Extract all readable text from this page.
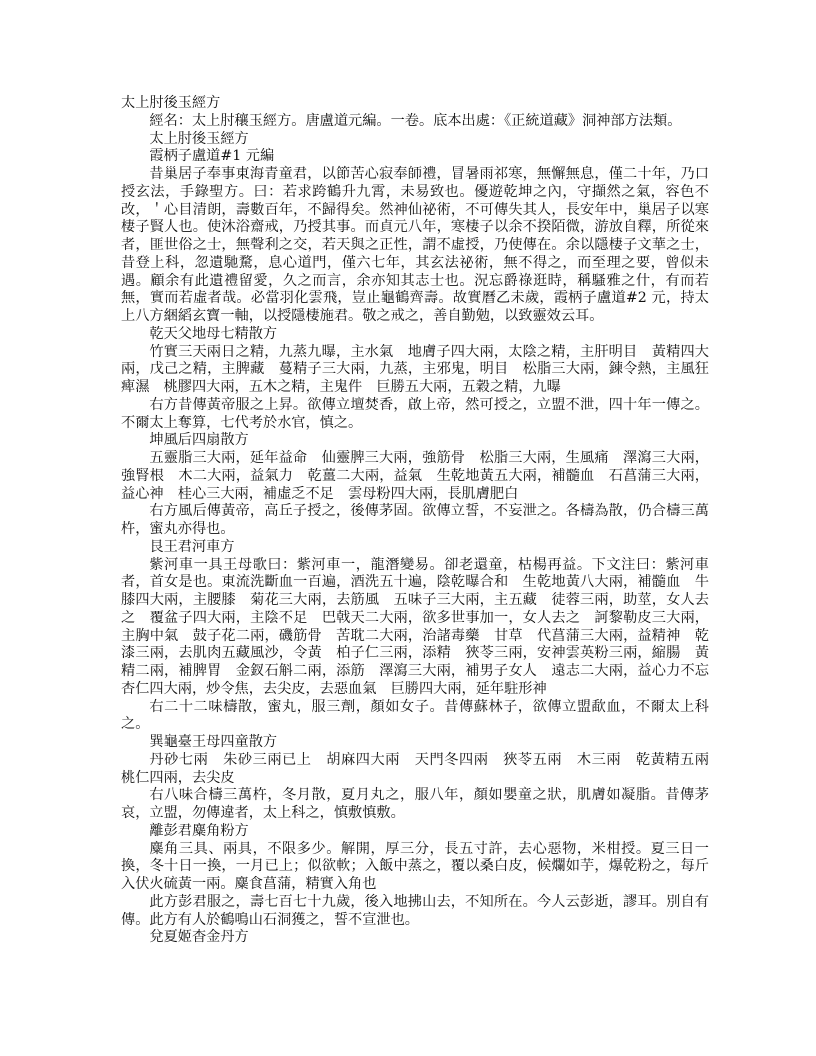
太上肘後玉經方

經名：太上肘穰玉經方。唐盧道元編。一卷。底本出處：《正統道藏》洞神部方法類。

太上肘後玉經方

霞柄子盧道#1 元編

昔巢居子奉事東海青童君，以節苦心寂奉師禮，冒暑雨祁寒，無懈無息，僅二十年，乃口授玄法，手錄聖方。曰：若求跨鶴升九霄，未易致也。優遊乾坤之內，守擷然之氣，容色不改，＇心目清朗，壽數百年，不歸得矣。然神仙祕術，不可傳失其人，長安年中，巢居子以寒棲子賢人也。使沐浴齋戒，乃授其事。而貞元八年，寒棲子以余不揆陌微，游放自釋，所從來者，匪世俗之士，無聲利之交，若天與之正性，謂不虛授，乃使傳在。余以隱棲子文華之士，昔登上科，忽遺馳騖，息心道門，僅六七年，其玄法祕術，無不得之，而至理之要，曾似未遇。顧余有此遺禮留愛，久之而言，余亦知其志士也。況忘爵祿逛時，稱騷雅之什，有而若無，實而若虛者哉。必當羽化雲飛，豈止龜鶴齊壽。故實曆乙未歲，霞柄子盧道#2 元，持太上八方綑縚玄寶一軸，以授隱棲施君。敬之戒之，善自勤勉，以致靈效云耳。

乾天父地母七精散方

竹實三天兩日之精，九蒸九曝，主水氣　地膚子四大兩，太陰之精，主肝明目　黃精四大兩，戊己之精，主脾藏　蔓精子三大兩，九蒸，主邪鬼，明目　松脂三大兩，鍊令熱，主風狂痺濕　桃膠四大兩，五木之精，主鬼件　巨勝五大兩，五穀之精，九曝

右方昔傳黃帝服之上昇。欲傳立壇焚香，啟上帝，然可授之，立盟不泄，四十年一傳之。不爾太上奪算，七代考於水官，慎之。

坤風后四扇散方

五靈脂三大兩，延年益命　仙靈脾三大兩，強筋骨　松脂三大兩，生風痛　澤瀉三大兩，強腎根　木二大兩，益氣力　乾薑二大兩，益氣　生乾地黃五大兩，補髓血　石菖蒲三大兩，益心神　桂心三大兩，補虛乏不足　雲母粉四大兩，長肌膚肥白

右方風后傳黃帝，高丘子授之，後傳茅固。欲傳立誓，不妄泄之。各檮為散，仍合檮三萬杵，蜜丸亦得也。

艮王君河車方

紫河車一具王母歌曰：紫河車一，龍潛變易。卻老還童，枯楊再益。下文注曰：紫河車者，首女是也。東流洗斷血一百遍，酒洗五十遍，陰乾曝合和　生乾地黃八大兩，補髓血　牛膝四大兩，主腰膝　菊花三大兩，去筋風　五味子三大兩，主五藏　徒蓉三兩，助莖，女人去之　覆盆子四大兩，主陰不足　巴戟天二大兩，欲多世事加一，女人去之　訶黎勒皮三大兩，主胸中氣　鼓子花二兩，磯筋骨　苦耽二大兩，治諸毒藥　甘草　代菖蒲三大兩，益精神　乾漆三兩，去肌肉五藏風沙，令黃　柏子仁三兩，添精　狹苓三兩，安神雲英粉三兩，縮腸　黃精二兩，補脾胃　金釵石斛二兩，添筋　澤瀉三大兩，補男子女人　遠志二大兩，益心力不忘　杏仁四大兩，炒令焦，去尖皮，去惡血氣　巨勝四大兩，延年駐形神

右二十二味檮散，蜜丸，服三劑，顏如女子。昔傳蘇林子，欲傳立盟歃血，不爾太上科之。

巽龜臺王母四童散方

丹砂七兩　朱砂三兩已上　胡麻四大兩　天門冬四兩　狹苓五兩　木三兩　乾黃精五兩　桃仁四兩，去尖皮

右八味合檮三萬杵，冬月散，夏月丸之，服八年，顏如嬰童之狀，肌膚如凝脂。昔傳茅哀，立盟，勿傳違者，太上科之，慎敷慎敷。

離彭君麋角粉方

麋角三具、兩具，不限多少。解開，厚三分，長五寸許，去心惡物，米柑授。夏三日一換，冬十日一換，一月已上；似欲軟；入飯中蒸之，覆以桑白皮，候爛如芋，爆乾粉之，每斤入伏火硫黃一兩。麋食菖蒲，精實入角也

此方彭君服之，壽七百七十九歲，後入地拂山去，不知所在。今人云彭逝，謬耳。別自有傳。此方有人於鶴鳴山石洞獲之，誓不宣泄也。

兌夏姬杳金丹方
